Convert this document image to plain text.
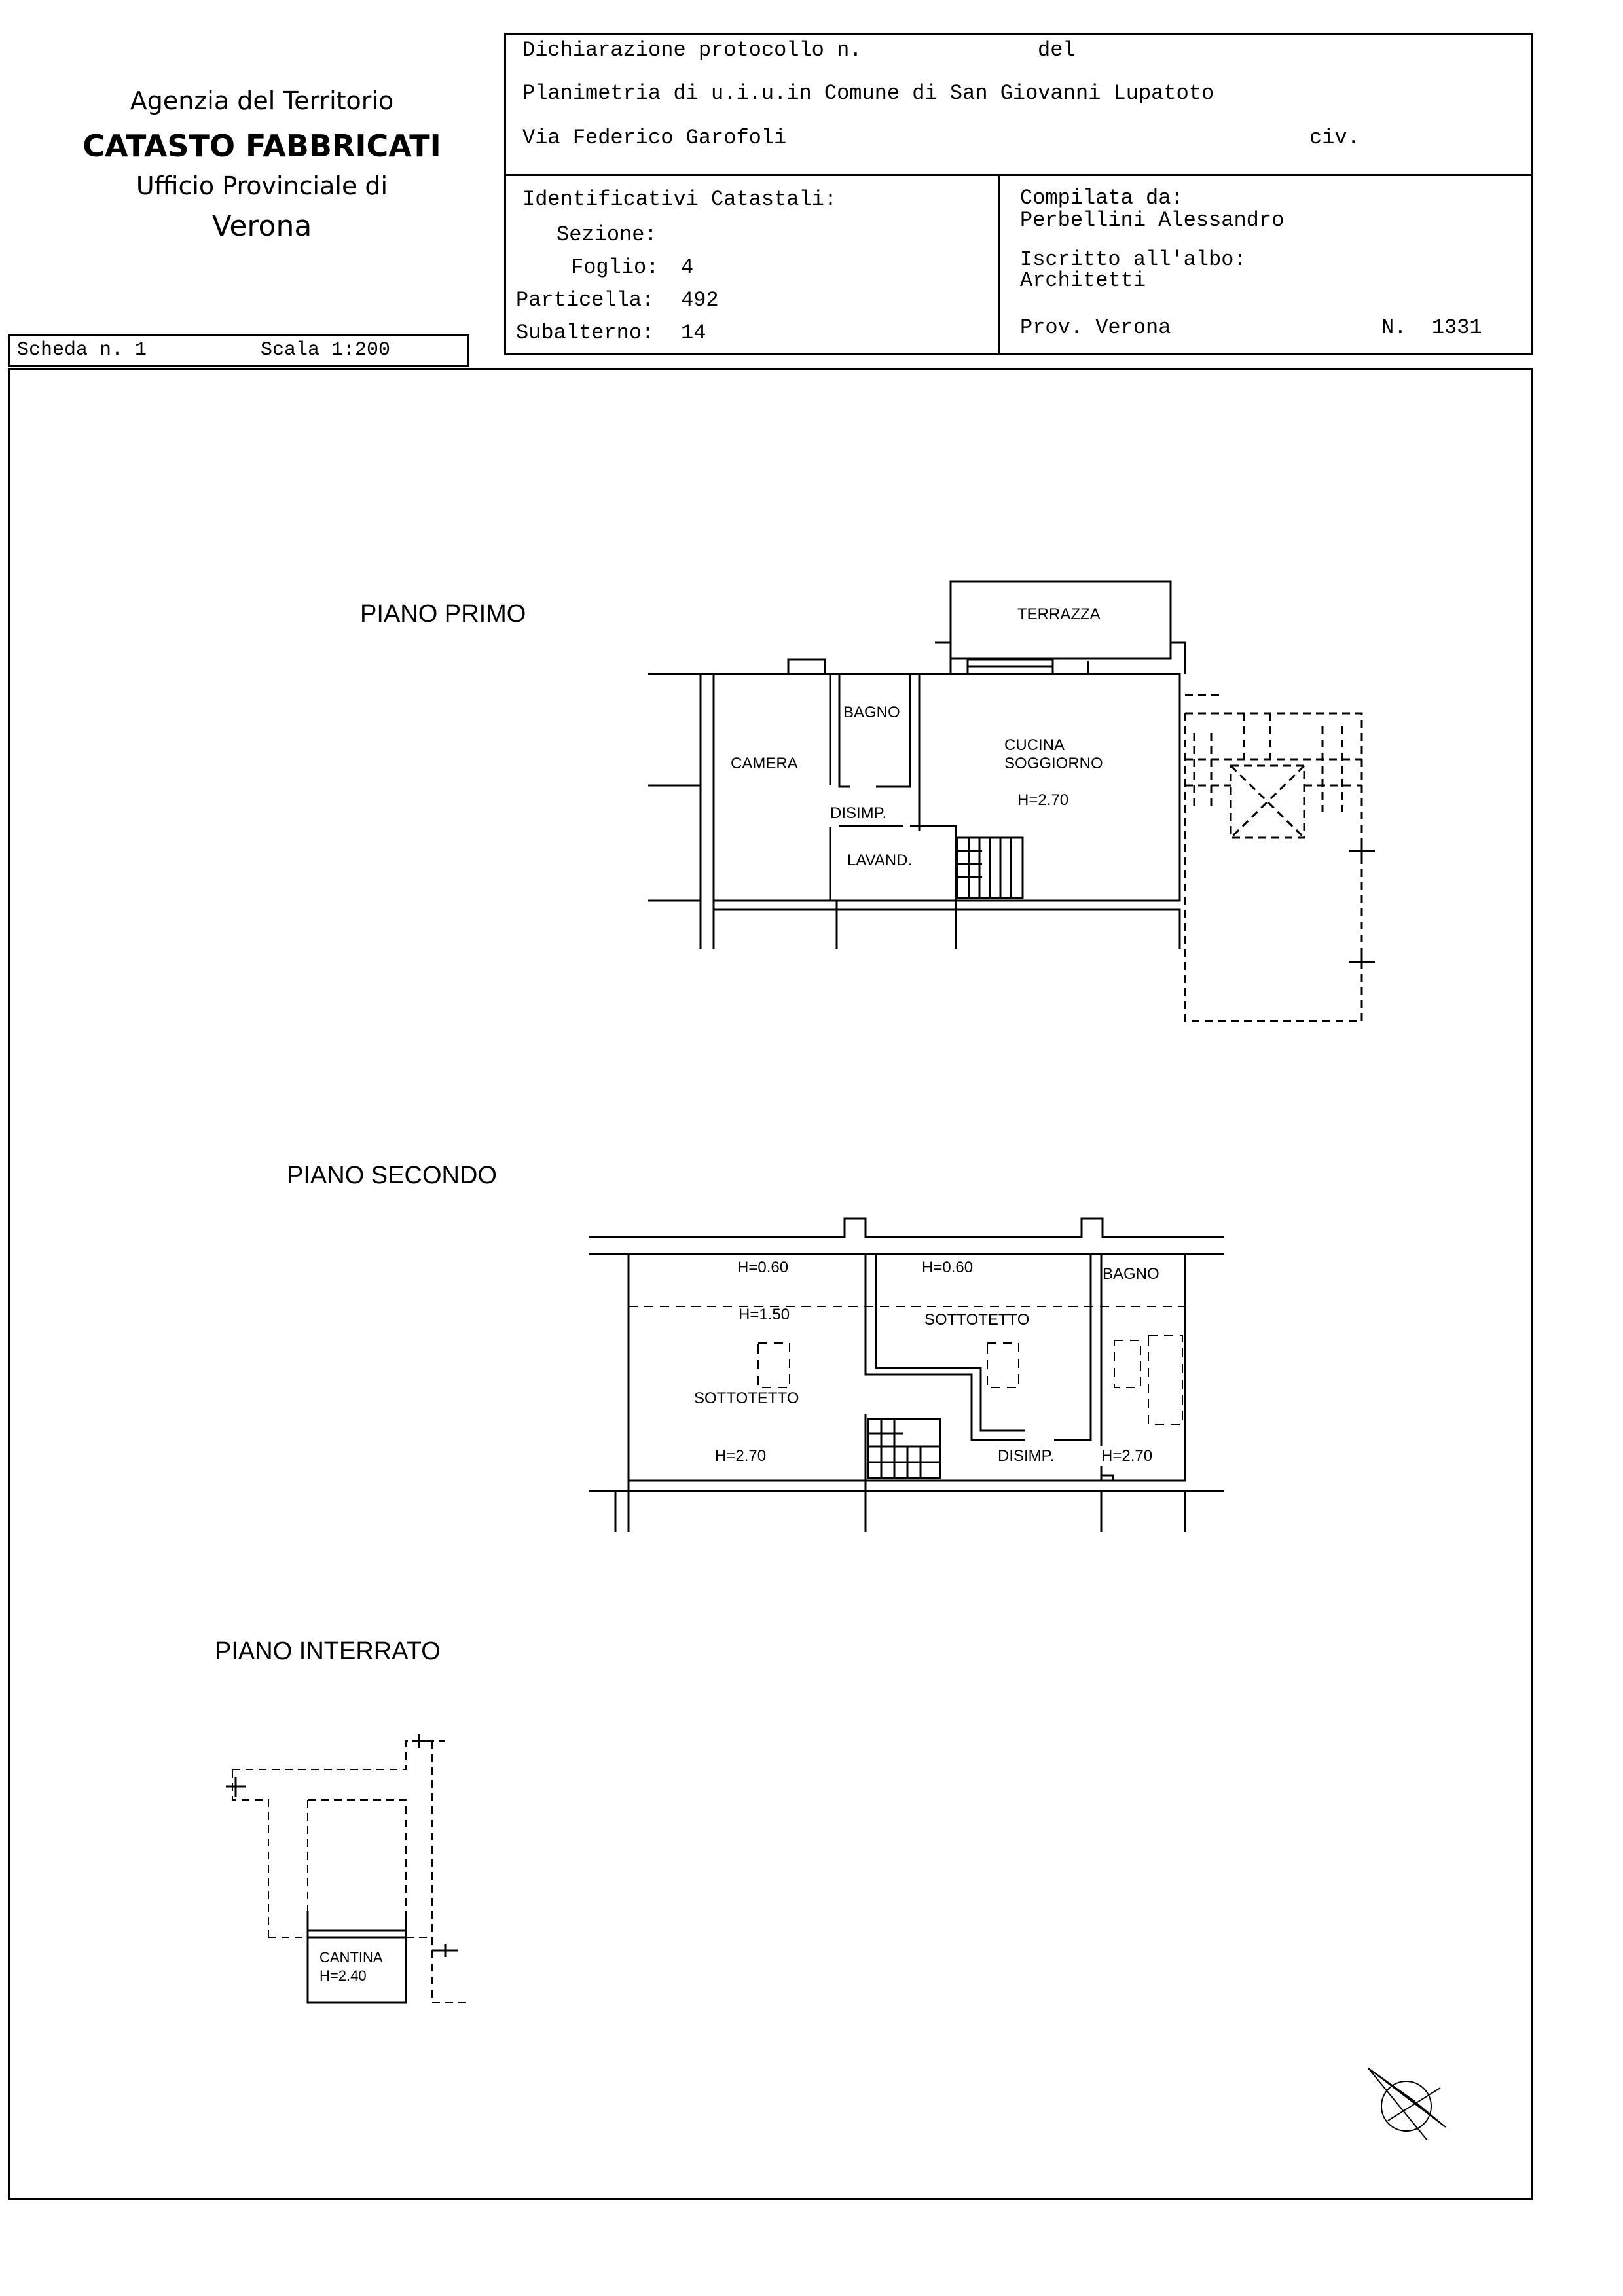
Agenzia del Territorio
CATASTO FABBRICATI
Ufficio Provinciale di
Verona
Dichiarazione protocollo n.	del
Planimetria di u.i.u.in Comune di San Giovanni Lupatoto
Via Federico Garofoli	civ.
Identificativi Catastali:
Sezione:
Foglio: 4
Particella: 492
Subalterno: 14
Compilata da:
Perbellini Alessandro
Iscritto all'albo:
Architetti
Prov. Verona	N.  1331
Scheda n. 1	Scala 1:200
PIANO PRIMO
PIANO SECONDO
PIANO INTERRATO
TERRAZZA
BAGNO
CAMERA
CUCINA
SOGGIORNO
H=2.70
DISIMP.
LAVAND.
H=0.60	H=0.60	BAGNO
H=1.50	SOTTOTETTO
SOTTOTETTO
H=2.70	DISIMP.	H=2.70
CANTINA
H=2.40
